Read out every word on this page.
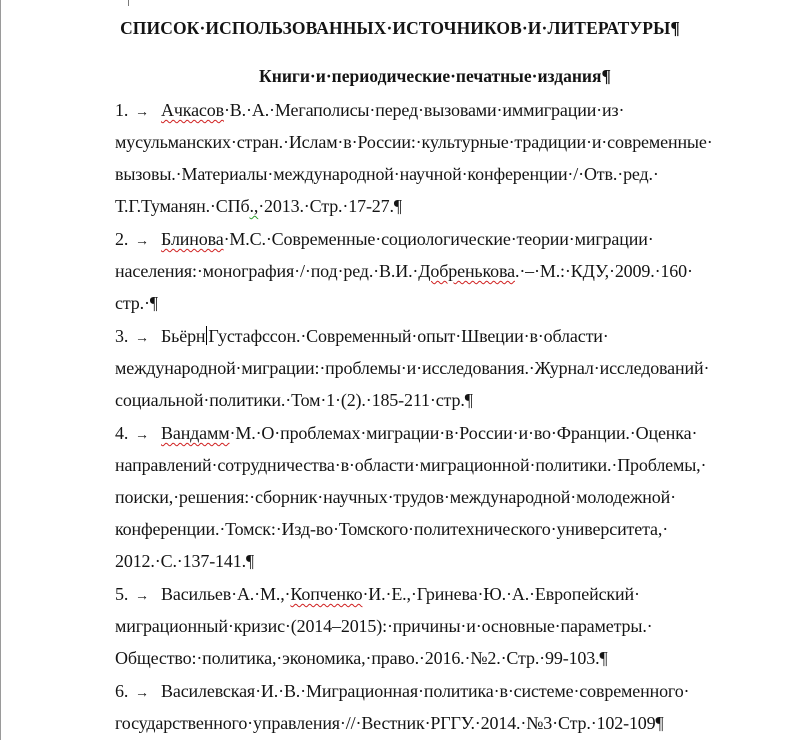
СПИСОК·ИСПОЛЬЗОВАННЫХ·ИСТОЧНИКОВ·И·ЛИТЕРАТУРЫ¶
Книги·и·периодические·печатные·издания¶
1. → Ачкасов·В.·А.·Мегаполисы·перед·вызовами·иммиграции·из·
мусульманских·стран.·Ислам·в·России:·культурные·традиции·и·современные·
вызовы.·Материалы·международной·научной·конференции·/·Отв.·ред.·
Т.Г.Туманян.·СПб.,·2013.·Стр.·17-27.¶
2. → Блинова·М.С.·Современные·социологические·теории·миграции·
населения:·монография·/·под·ред.·В.И.·Добренькова.·–·М.:·КДУ,·2009.·160·
стр.·¶
3. → Бьёрн Густафссон.·Современный·опыт·Швеции·в·области·
международной·миграции:·проблемы·и·исследования.·Журнал·исследований·
социальной·политики.·Том·1·(2).·185-211·стр.¶
4. → Вандамм·М.·О·проблемах·миграции·в·России·и·во·Франции.·Оценка·
направлений·сотрудничества·в·области·миграционной·политики.·Проблемы,·
поиски,·решения:·сборник·научных·трудов·международной·молодежной·
конференции.·Томск:·Изд-во·Томского·политехнического·университета,·
2012.·С.·137-141.¶
5. → Васильев·А.·М.,·Копченко·И.·Е.,·Гринева·Ю.·А.·Европейский·
миграционный·кризис·(2014–2015):·причины·и·основные·параметры.·
Общество:·политика,·экономика,·право.·2016.·№2.·Стр.·99-103.¶
6. → Василевская·И.·В.·Миграционная·политика·в·системе·современного·
государственного·управления·//·Вестник·РГГУ.·2014.·№3·Стр.·102-109¶
